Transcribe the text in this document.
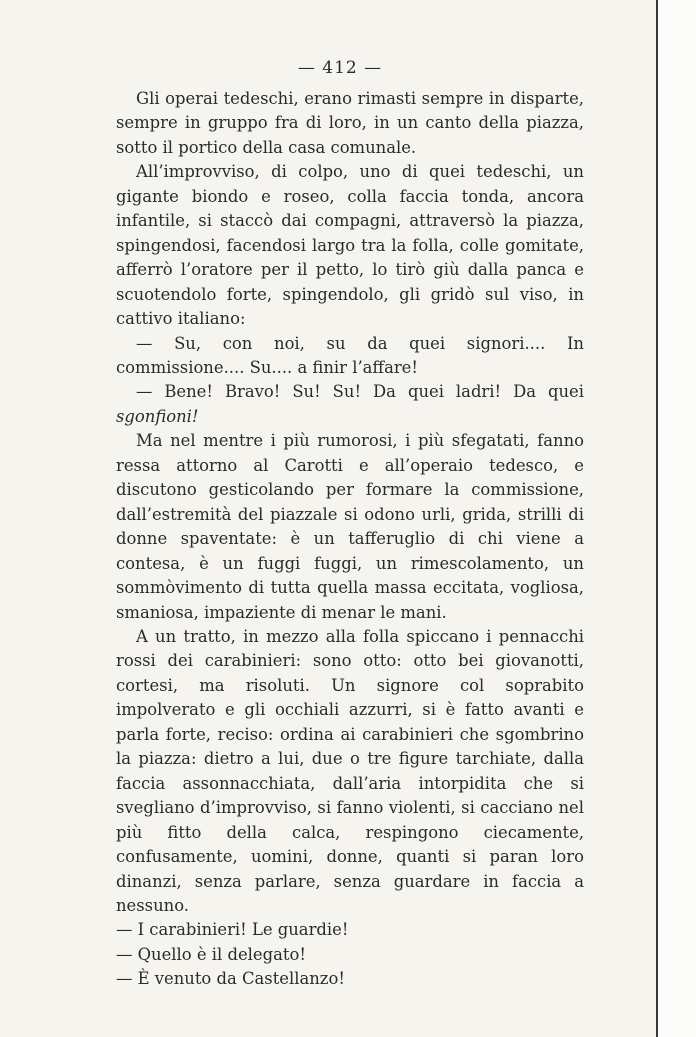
— 412 —

Gli operai tedeschi, erano rimasti sempre in disparte, sempre in gruppo fra di loro, in un canto della piazza, sotto il portico della casa comunale.

All’improvviso, di colpo, uno di quei tedeschi, un gigante biondo e roseo, colla faccia tonda, ancora infantile, si staccò dai compagni, attraversò la piazza, spingendosi, facendosi largo tra la folla, colle gomitate, afferrò l’oratore per il petto, lo tirò giù dalla panca e scuotendolo forte, spingendolo, gli gridò sul viso, in cattivo italiano:

— Su, con noi, su da quei signori.... In commissione.... Su.... a finir l’affare!

— Bene! Bravo! Su! Su! Da quei ladri! Da quei

sgonfioni!

Ma nel mentre i più rumorosi, i più sfegatati, fanno ressa attorno al Carotti e all’operaio tedesco, e discutono gesticolando per formare la commissione, dall’estremità del piazzale si odono urli, grida, strilli di donne spaventate: è un tafferuglio di chi viene a contesa, è un fuggi fuggi, un rimescolamento, un sommòvimento di tutta quella massa eccitata, vogliosa, smaniosa, impaziente di menar le mani.

A un tratto, in mezzo alla folla spiccano i pennacchi rossi dei carabinieri: sono otto: otto bei giovanotti, cortesi, ma risoluti. Un signore col soprabito impolverato e gli occhiali azzurri, si è fatto avanti e parla forte, reciso: ordina ai carabinieri che sgombrino la piazza: dietro a lui, due o tre figure tarchiate, dalla faccia assonnacchiata, dall’aria intorpidita che si svegliano d’improvviso, si fanno violenti, si cacciano nel più fitto della calca, respingono ciecamente, confusamente, uomini, donne, quanti si paran loro dinanzi, senza parlare, senza guardare in faccia a nessuno.

— I carabinieri! Le guardie!

— Quello è il delegato!

— È venuto da Castellanzo!
